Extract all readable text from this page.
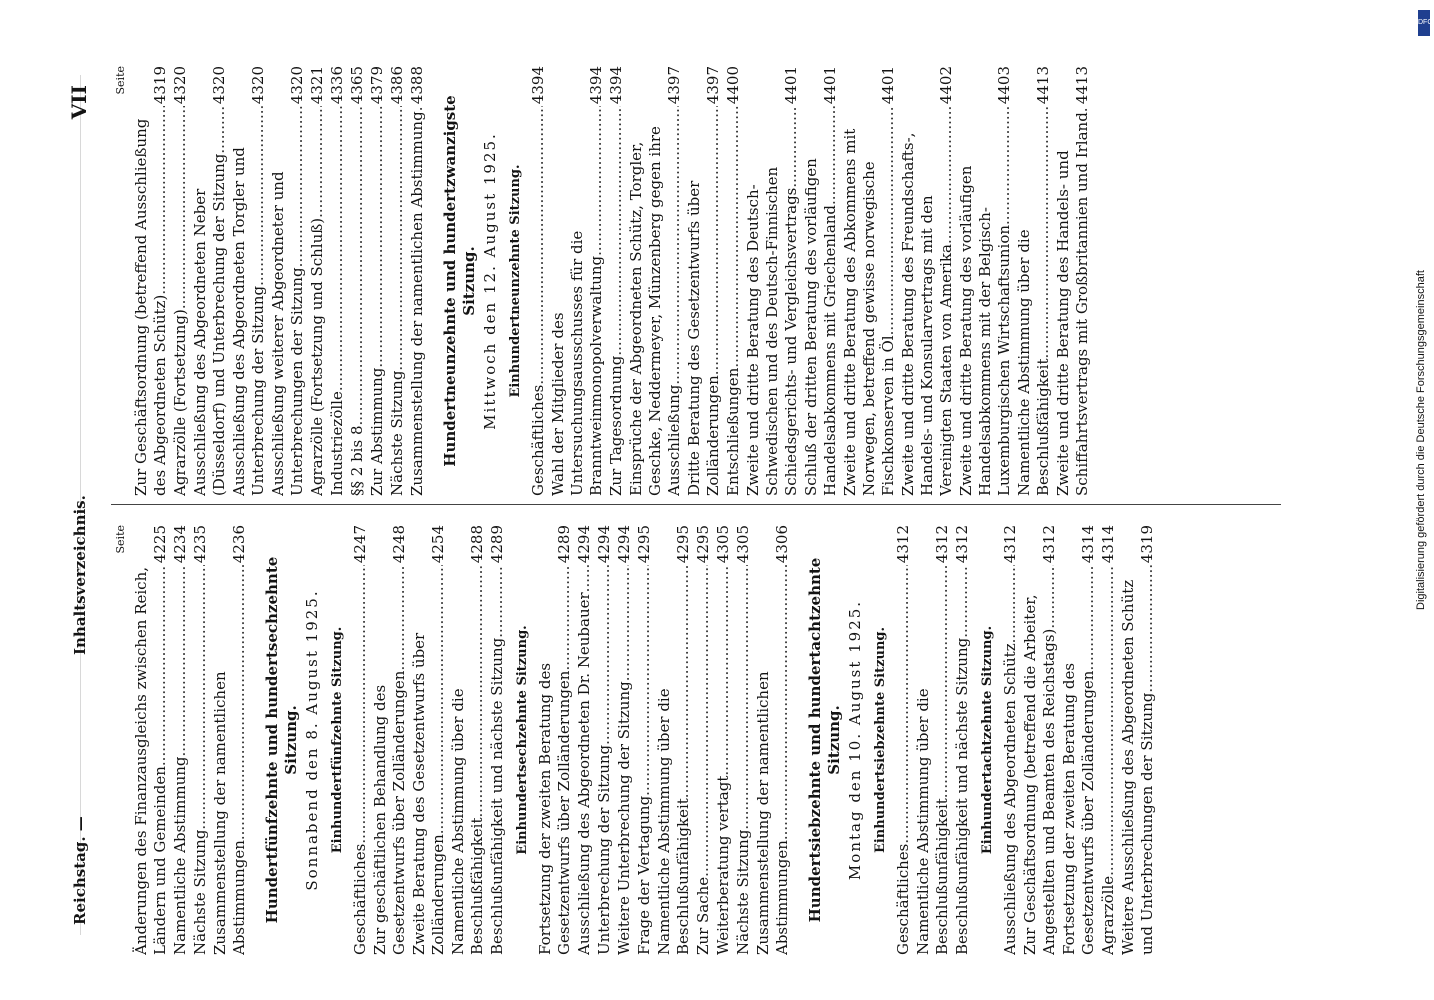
Reichstag. —
Inhaltsverzeichnis.
VII
Seite
Änderungen des Finanzausgleichs zwischen Reich, Ländern und Gemeinden .....
4225
Namentliche Abstimmung .....
4234
Nächste Sitzung .....
4235
Zusammenstellung der namentlichen Abstimmungen .....
4236
Hundertfünfzehnte und hundertsechzehnte Sitzung. Sonnabend den 8. August 1925. Einhundertfünfzehnte Sitzung.
Geschäftliches .....
4247
Zur geschäftlichen Behandlung des Gesetzentwurfs über Zolländerungen .....
4248
Zweite Beratung des Gesetzentwurfs über Zolländerungen .....
4254
Namentliche Abstimmung über die Beschlußfähigkeit .....
4288
Beschlußunfähigkeit und nächste Sitzung .....
4289
Einhundertsechzehnte Sitzung. Fortsetzung der zweiten Beratung des Gesetzentwurfs über Zolländerungen .....
4289
Ausschließung des Abgeordneten Dr. Neubauer .....
4294
Unterbrechung der Sitzung .....
4294
Weitere Unterbrechung der Sitzung .....
4294
Frage der Vertagung .....
4295
Namentliche Abstimmung über die Beschlußunfähigkeit .....
4295
Zur Sache .....
4295
Weiterberatung vertagt .....
4305
Nächste Sitzung .....
4305
Zusammenstellung der namentlichen Abstimmungen .....
4306
Hundertsiebzehnte und hundertachtzehnte Sitzung. Montag den 10. August 1925. Einhundertsiebzehnte Sitzung.
Geschäftliches .....
4312
Namentliche Abstimmung über die Beschlußunfähigkeit .....
4312
Beschlußunfähigkeit und nächste Sitzung .....
4312
Einhundertachtzehnte Sitzung. Ausschließung des Abgeordneten Schütz .....
4312
Zur Geschäftsordnung (betreffend die Arbeiter, Angestellten und Beamten des Reichstags) .....
4312
Fortsetzung der zweiten Beratung des Gesetzentwurfs über Zolländerungen .....
4314
Agrarzölle .....
4314
Weitere Ausschließung des Abgeordneten Schütz und Unterbrechungen der Sitzung .....
4319
Seite
Zur Geschäftsordnung (betreffend Ausschließung des Abgeordneten Schütz) .....
4319
Agrarzölle (Fortsetzung) .....
4320
Ausschließung des Abgeordneten Neber (Düsseldorf) und Unterbrechung der Sitzung .....
4320
Ausschließung des Abgeordneten Torgler und Unterbrechung der Sitzung .....
4320
Ausschließung weiterer Abgeordneter und Unterbrechungen der Sitzung .....
4320
Agrarzölle (Fortsetzung und Schluß) .....
4321
Industriezölle .....
4336
§§ 2 bis 8 .....
4365
Zur Abstimmung .....
4379
Nächste Sitzung .....
4386
Zusammenstellung der namentlichen Abstimmung .....
4388
Hundertneunzehnte und hundertzwanzigste Sitzung. Mittwoch den 12. August 1925. Einhundertneunzehnte Sitzung.
Geschäftliches .....
4394
Wahl der Mitglieder des Untersuchungsausschusses für die Branntweinmonopolverwaltung .....
4394
Zur Tagesordnung .....
4394
Einsprüche der Abgeordneten Schütz, Torgler, Geschke, Neddermeyer, Münzenberg gegen ihre Ausschließung .....
4397
Dritte Beratung des Gesetzentwurfs über Zolländerungen .....
4397
Entschließungen .....
4400
Zweite und dritte Beratung des Deutsch-Schwedischen und des Deutsch-Finnischen Schiedsgerichts- und Vergleichsvertrags .....
4401
Schluß der dritten Beratung des vorläufigen Handelsabkommens mit Griechenland .....
4401
Zweite und dritte Beratung des Abkommens mit Norwegen, betreffend gewisse norwegische Fischkonserven in Öl .....
4401
Zweite und dritte Beratung des Freundschafts-, Handels- und Konsularvertrags mit den Vereinigten Staaten von Amerika .....
4402
Zweite und dritte Beratung des vorläufigen Handelsabkommens mit der Belgisch-Luxemburgischen Wirtschaftsunion .....
4403
Namentliche Abstimmung über die Beschlußfähigkeit .....
4413
Zweite und dritte Beratung des Handels- und Schiffahrtsvertrags mit Großbritannien und Irland .....
4413
DFG
Digitalisierung gefördert durch die Deutsche Forschungsgemeinschaft
